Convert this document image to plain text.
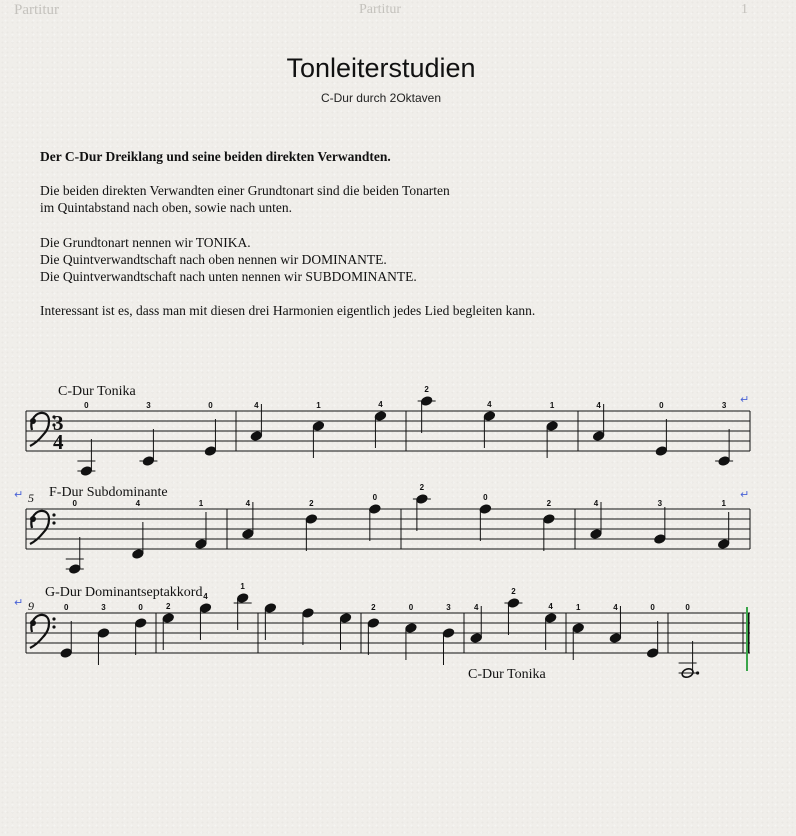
Partitur	Partitur	1
Tonleiterstudien
C-Dur durch 2Oktaven
Der C-Dur Dreiklang und seine beiden direkten Verwandten.
Die beiden direkten Verwandten einer Grundtonart sind die beiden Tonarten
im Quintabstand nach oben, sowie nach unten.
Die Grundtonart nennen wir TONIKA.
Die Quintverwandtschaft nach oben nennen wir DOMINANTE.
Die Quintverwandtschaft nach unten nennen wir SUBDOMINANTE.
Interessant ist es, dass man mit diesen drei Harmonien eigentlich jedes Lied begleiten kann.
3
4
C-Dur Tonika
↵
0	3	0	4	1	4
2
4	1	4	0	3
F-Dur Subdominante
5
↵	↵
0	4	1	4	2
0
2
0
2	4	3	1
G-Dur Dominantseptakkord
9
C-Dur Tonika
↵	0	3	0	2
4
1
2	0	3	4
2
4	1	4	0	0
